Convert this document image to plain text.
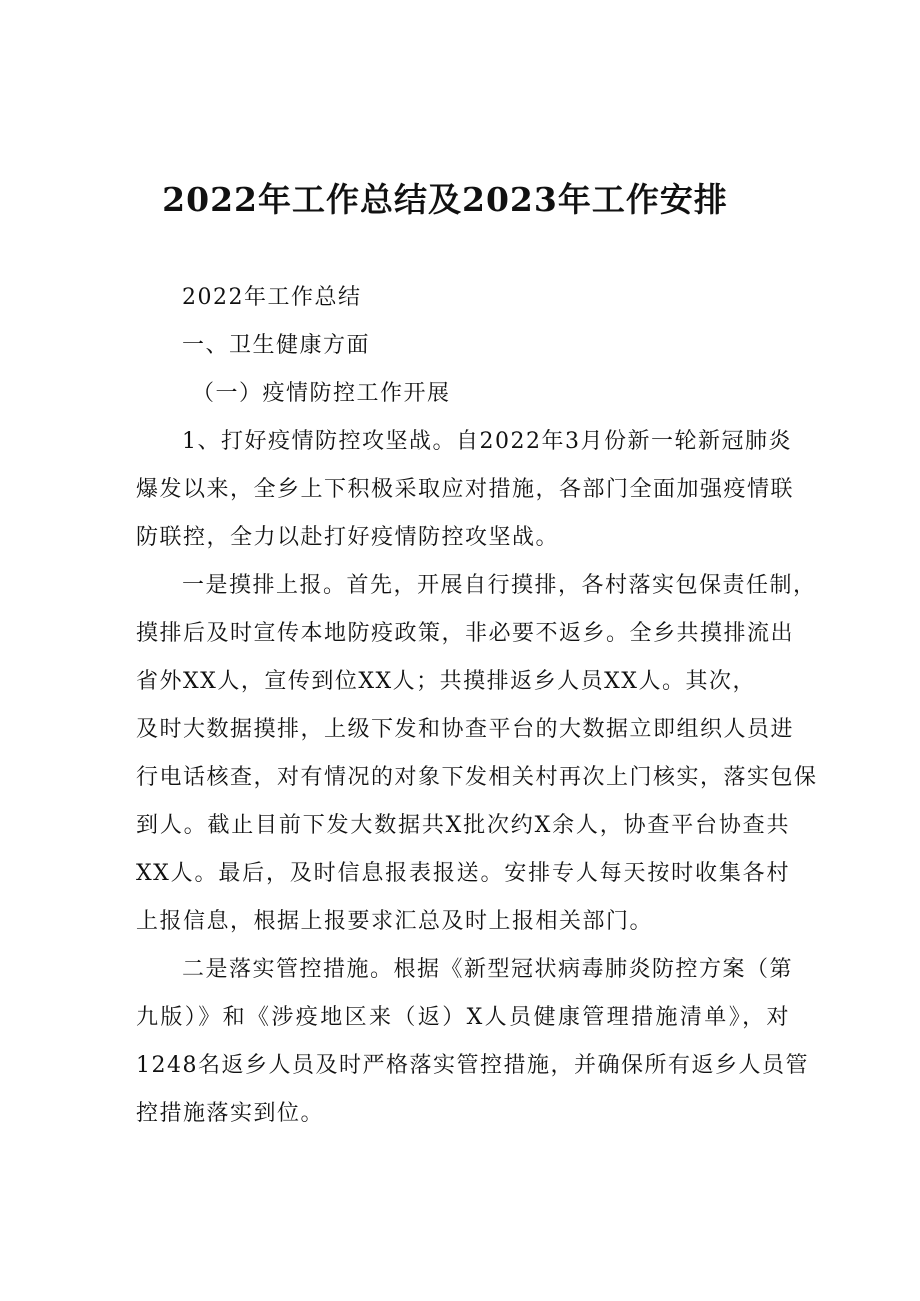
2022年工作总结及2023年工作安排

2022年工作总结

一、卫生健康方面

（一）疫情防控工作开展

1、打好疫情防控攻坚战。自2022年3月份新一轮新冠肺炎

爆发以来，全乡上下积极采取应对措施，各部门全面加强疫情联

防联控，全力以赴打好疫情防控攻坚战。

一是摸排上报。首先，开展自行摸排，各村落实包保责任制，

摸排后及时宣传本地防疫政策，非必要不返乡。全乡共摸排流出

省外XX人，宣传到位XX人；共摸排返乡人员XX人。其次，

及时大数据摸排，上级下发和协查平台的大数据立即组织人员进

行电话核查，对有情况的对象下发相关村再次上门核实，落实包保

到人。截止目前下发大数据共X批次约X余人，协查平台协查共

XX人。最后，及时信息报表报送。安排专人每天按时收集各村

上报信息，根据上报要求汇总及时上报相关部门。

二是落实管控措施。根据《新型冠状病毒肺炎防控方案（第

九版）》和《涉疫地区来（返）X人员健康管理措施清单》，对

1248名返乡人员及时严格落实管控措施，并确保所有返乡人员管

控措施落实到位。
